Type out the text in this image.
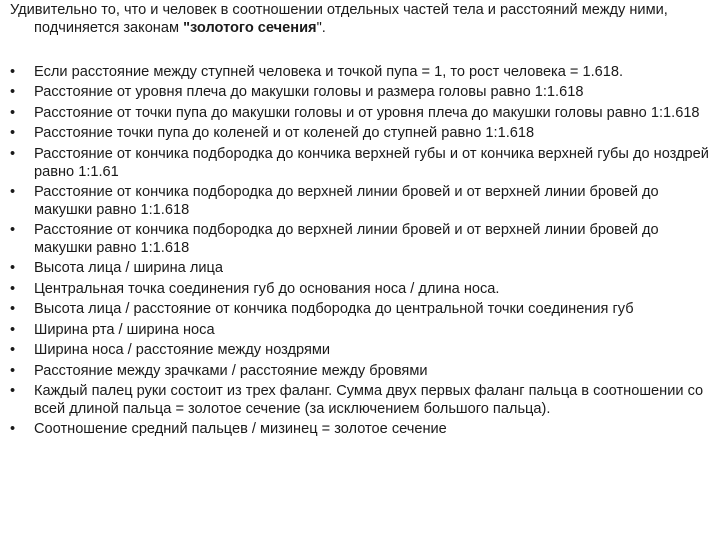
Удивительно то, что и человек в соотношении отдельных частей тела и расстояний между ними, подчиняется законам "золотого сечения".
•	Если расстояние между ступней человека и точкой пупа = 1, то рост человека = 1.618.
•	Расстояние от уровня плеча до макушки головы и размера головы равно 1:1.618
•	Расстояние от точки пупа до макушки головы и от уровня плеча до макушки головы равно 1:1.618
•	Расстояние точки пупа до коленей и от коленей до ступней равно 1:1.618
•	Расстояние от кончика подбородка до кончика верхней губы и от кончика верхней губы до ноздрей равно 1:1.61
•	Расстояние от кончика подбородка до верхней линии бровей и от верхней линии бровей до макушки равно 1:1.618
•	Расстояние от кончика подбородка до верхней линии бровей и от верхней линии бровей до макушки равно 1:1.618
•	Высота лица / ширина лица
•	Центральная точка соединения губ до основания носа / длина носа.
•	Высота лица / расстояние от кончика подбородка до центральной точки соединения губ
•	Ширина рта / ширина носа
•	Ширина носа / расстояние между ноздрями
•	Расстояние между зрачками / расстояние между бровями
•	Каждый палец руки состоит из трех фаланг. Сумма двух первых фаланг пальца в соотношении со всей длиной пальца = золотое сечение (за исключением большого пальца).
•	Соотношение средний пальцев / мизинец = золотое сечение
